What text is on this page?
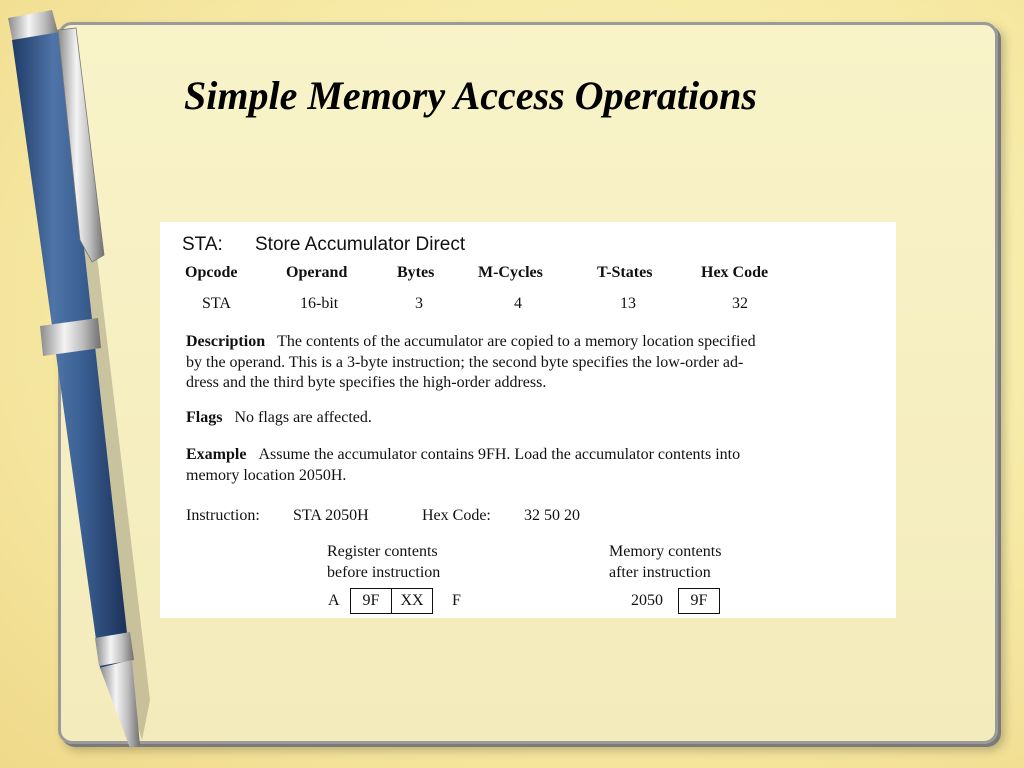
Simple Memory Access Operations
STA: Store Accumulator Direct
Opcode	Operand	Bytes	M-Cycles	T-States	Hex Code
STA	16-bit	3	4	13	32
Description The contents of the accumulator are copied to a memory location specified
by the operand. This is a 3-byte instruction; the second byte specifies the low-order ad-
dress and the third byte specifies the high-order address.
Flags No flags are affected.
Example Assume the accumulator contains 9FH. Load the accumulator contents into
memory location 2050H.
Instruction: STA 2050H	Hex Code: 32 50 20
Register contents
before instruction
Memory contents
after instruction
A	9F	XX	F	2050	9F
